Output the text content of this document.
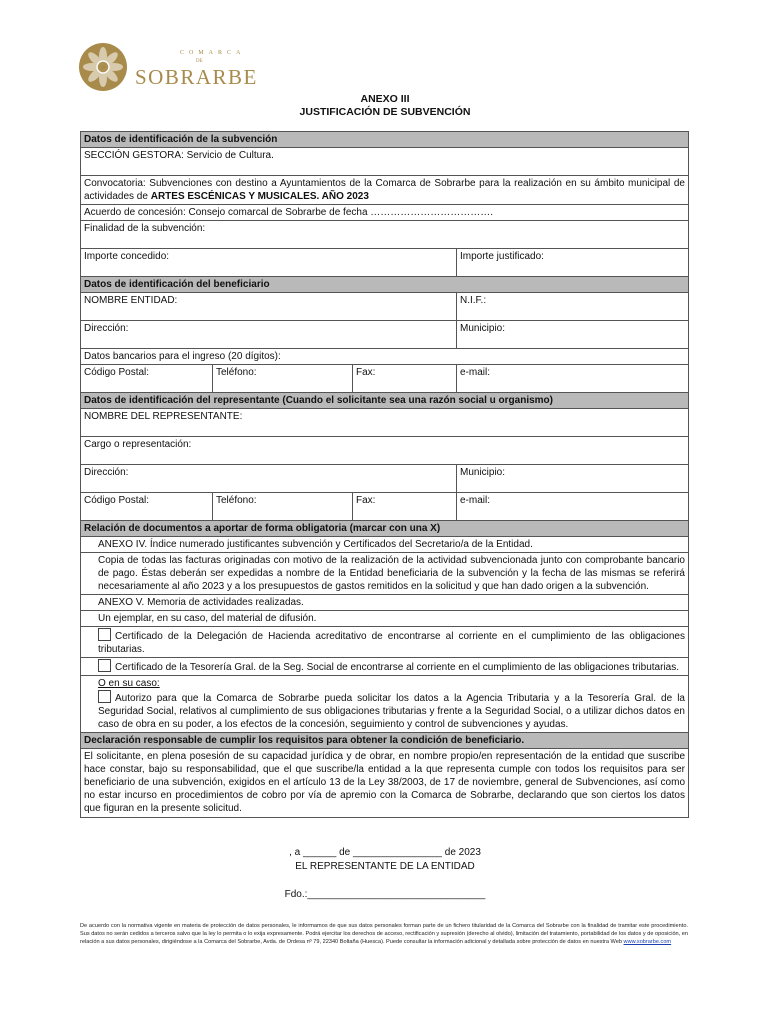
COMARCA
DE
SOBRARBE
ANEXO III
JUSTIFICACIÓN DE SUBVENCIÓN
Datos de identificación de la subvención			
SECCIÓN GESTORA: Servicio de Cultura.			
Convocatoria: Subvenciones con destino a Ayuntamientos de la Comarca de Sobrarbe para la realización en su ámbito municipal de actividades de ARTES ESCÉNICAS Y MUSICALES. AÑO 2023			
Acuerdo de concesión: Consejo comarcal de Sobrarbe de fecha ……………………………….			
Finalidad de la subvención:			
Importe concedido:			Importe justificado:
Datos de identificación del beneficiario			
NOMBRE ENTIDAD:			N.I.F.:
Dirección:			Municipio:
Datos bancarios para el ingreso (20 dígitos):			
Código Postal:	Teléfono:	Fax:	e-mail:
Datos de identificación del representante (Cuando el solicitante sea una razón social u organismo)			
NOMBRE DEL REPRESENTANTE:			
Cargo o representación:			
Dirección:			Municipio:
Código Postal:	Teléfono:	Fax:	e-mail:
Relación de documentos a aportar de forma obligatoria (marcar con una X)			
ANEXO IV. Índice numerado justificantes subvención y Certificados del Secretario/a de la Entidad.			
Copia de todas las facturas originadas con motivo de la realización de la actividad subvencionada junto con comprobante bancario de pago. Éstas deberán ser expedidas a nombre de la Entidad beneficiaria de la subvención y la fecha de las mismas se referirá necesariamente al año 2023 y a los presupuestos de gastos remitidos en la solicitud y que han dado origen a la subvención.			
ANEXO V. Memoria de actividades realizadas.			
Un ejemplar, en su caso, del material de difusión.			
Certificado de la Delegación de Hacienda acreditativo de encontrarse al corriente en el cumplimiento de las obligaciones tributarias.			
Certificado de la Tesorería Gral. de la Seg. Social de encontrarse al corriente en el cumplimiento de las obligaciones tributarias.			
O en su caso:
Autorizo para que la Comarca de Sobrarbe pueda solicitar los datos a la Agencia Tributaria y a la Tesorería Gral. de la Seguridad Social, relativos al cumplimiento de sus obligaciones tributarias y frente a la Seguridad Social, o a utilizar dichos datos en caso de obra en su poder, a los efectos de la concesión, seguimiento y control de subvenciones y ayudas.			
Declaración responsable de cumplir los requisitos para obtener la condición de beneficiario.			
El solicitante, en plena posesión de su capacidad jurídica y de obrar, en nombre propio/en representación de la entidad que suscribe hace constar, bajo su responsabilidad, que el que suscribe/la entidad a la que representa cumple con todos los requisitos para ser beneficiario de una subvención, exigidos en el artículo 13 de la Ley 38/2003, de 17 de noviembre, general de Subvenciones, así como no estar incurso en procedimientos de cobro por vía de apremio con la Comarca de Sobrarbe, declarando que son ciertos los datos que figuran en la presente solicitud.			
, a ______ de ________________ de 2023
EL REPRESENTANTE DE LA ENTIDAD
Fdo.:________________________________
De acuerdo con la normativa vigente en materia de protección de datos personales, le informamos de que sus datos personales forman parte de un fichero titularidad de la Comarca del Sobrarbe con la finalidad de tramitar este procedimiento. Sus datos no serán cedidos a terceros salvo que la ley lo permita o lo exija expresamente. Podrá ejercitar los derechos de acceso, rectificación y supresión (derecho al olvido), limitación del tratamiento, portabilidad de los datos y de oposición, en relación a sus datos personales, dirigiéndose a la Comarca del Sobrarbe, Avda. de Ordesa nº 79, 22340 Boltaña (Huesca). Puede consultar la información adicional y detallada sobre protección de datos en nuestra Web www.sobrarbe.com
